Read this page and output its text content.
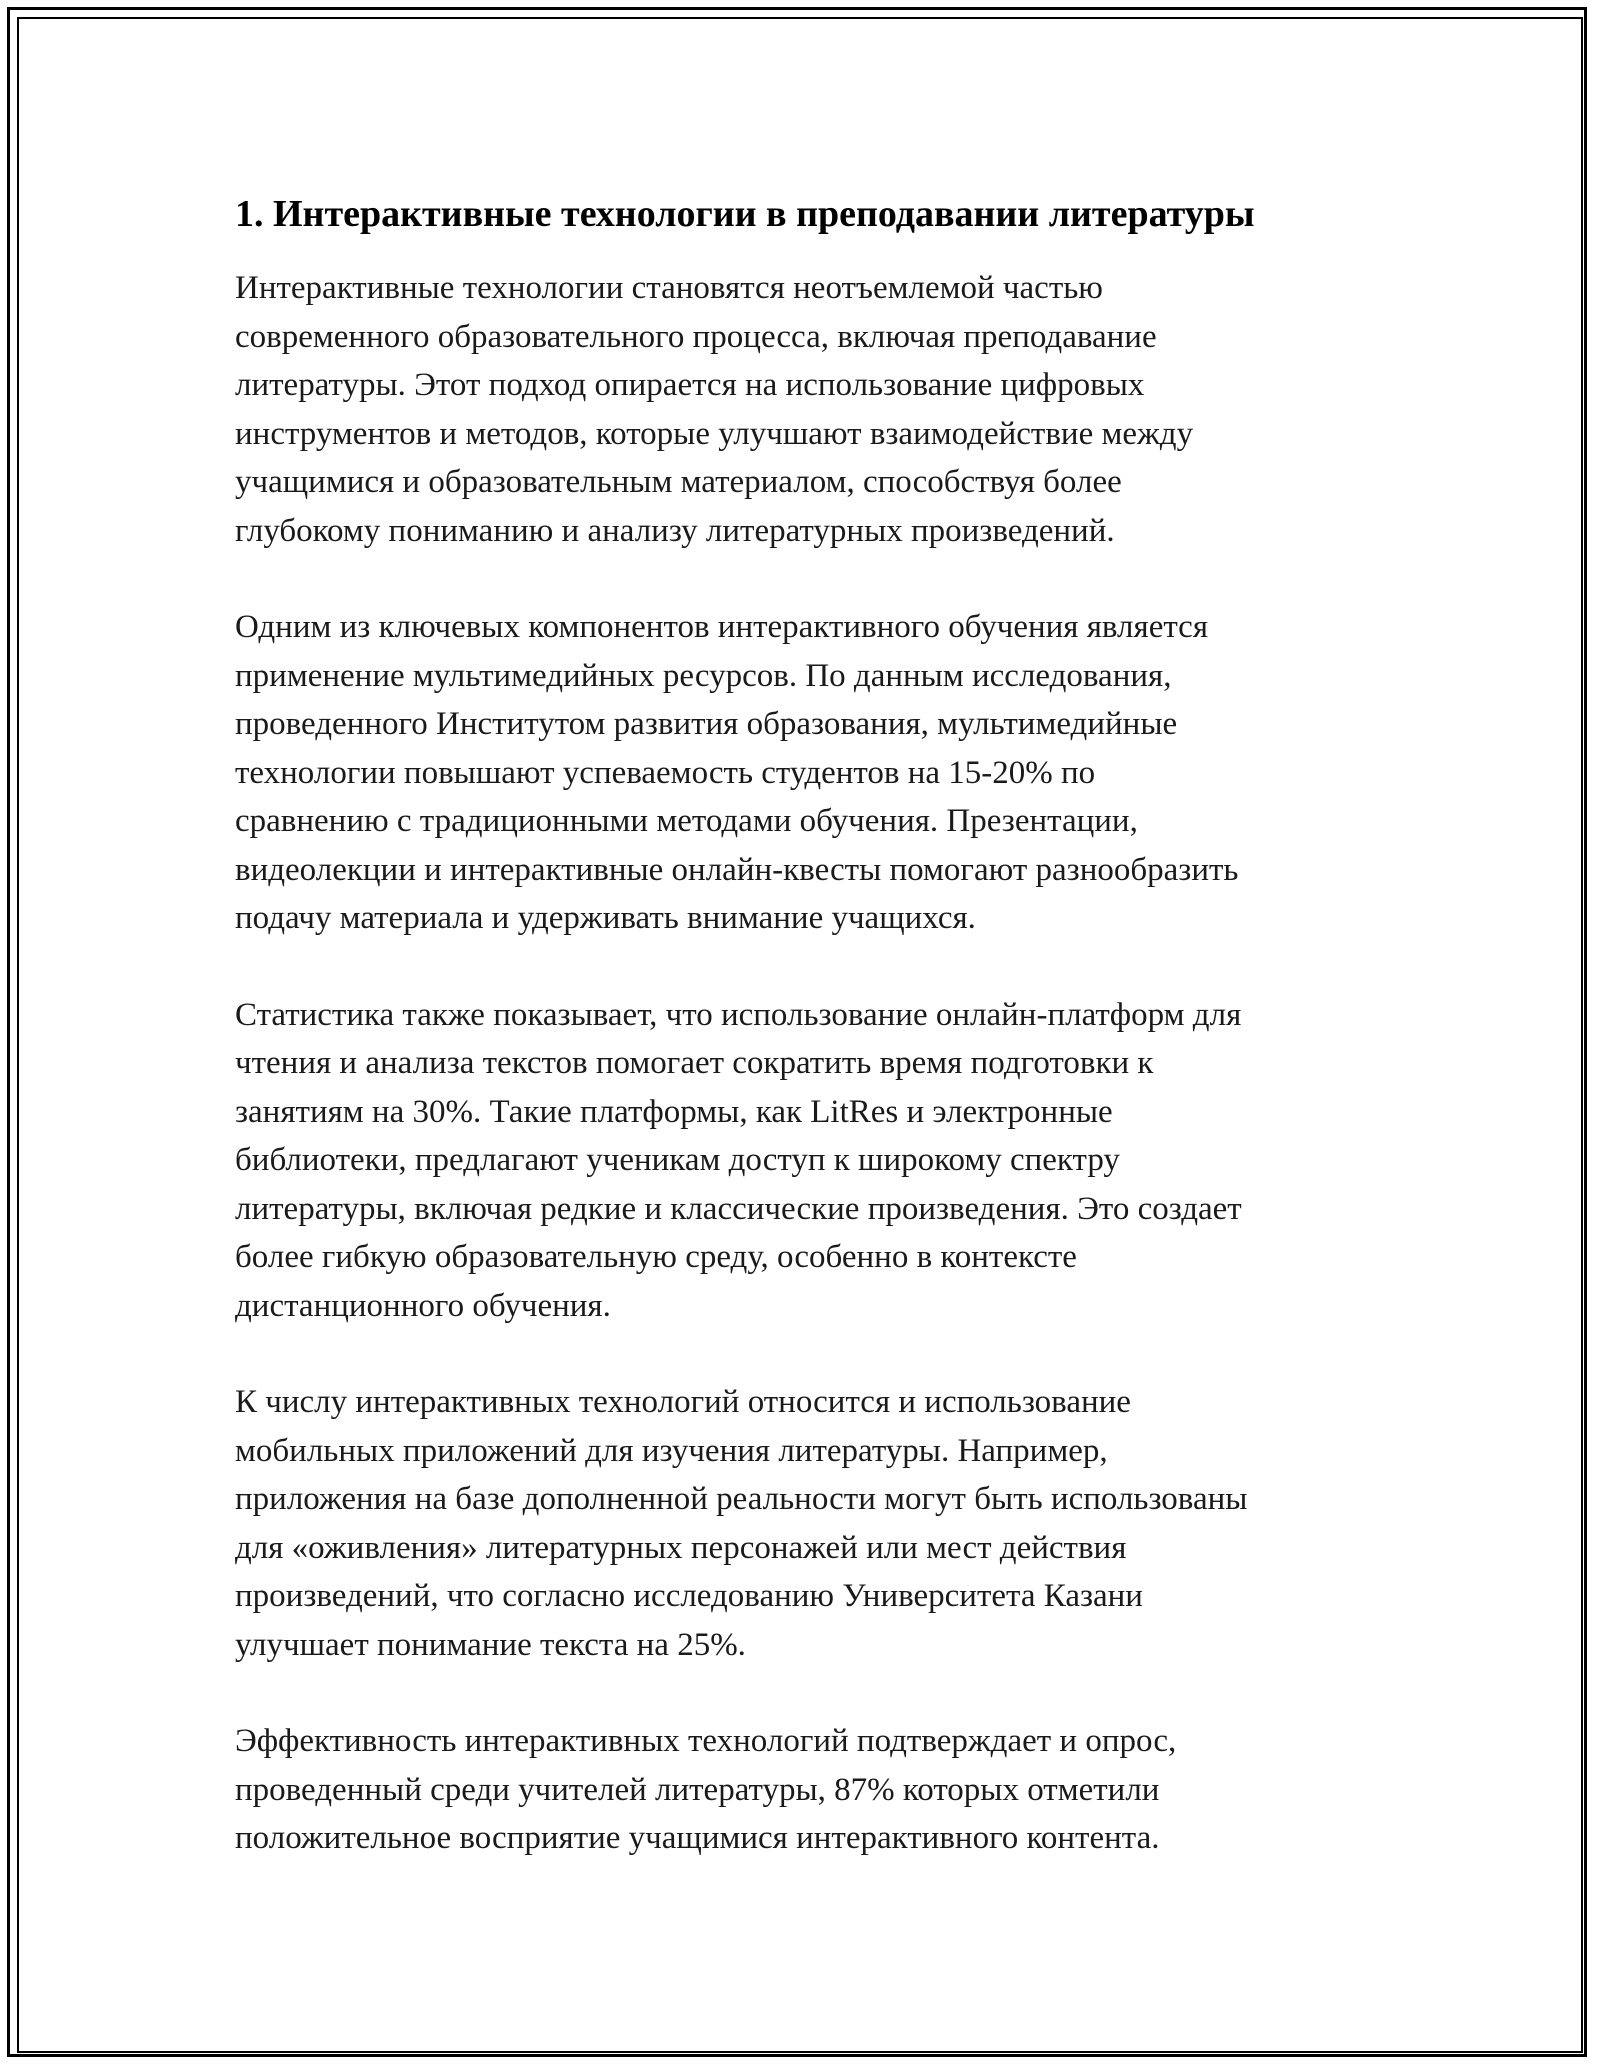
1. Интерактивные технологии в преподавании литературы

Интерактивные технологии становятся неотъемлемой частью
современного образовательного процесса, включая преподавание
литературы. Этот подход опирается на использование цифровых
инструментов и методов, которые улучшают взаимодействие между
учащимися и образовательным материалом, способствуя более
глубокому пониманию и анализу литературных произведений.

Одним из ключевых компонентов интерактивного обучения является
применение мультимедийных ресурсов. По данным исследования,
проведенного Институтом развития образования, мультимедийные
технологии повышают успеваемость студентов на 15-20% по
сравнению с традиционными методами обучения. Презентации,
видеолекции и интерактивные онлайн-квесты помогают разнообразить
подачу материала и удерживать внимание учащихся.

Статистика также показывает, что использование онлайн-платформ для
чтения и анализа текстов помогает сократить время подготовки к
занятиям на 30%. Такие платформы, как LitRes и электронные
библиотеки, предлагают ученикам доступ к широкому спектру
литературы, включая редкие и классические произведения. Это создает
более гибкую образовательную среду, особенно в контексте
дистанционного обучения.

К числу интерактивных технологий относится и использование
мобильных приложений для изучения литературы. Например,
приложения на базе дополненной реальности могут быть использованы
для «оживления» литературных персонажей или мест действия
произведений, что согласно исследованию Университета Казани
улучшает понимание текста на 25%.

Эффективность интерактивных технологий подтверждает и опрос,
проведенный среди учителей литературы, 87% которых отметили
положительное восприятие учащимися интерактивного контента.
